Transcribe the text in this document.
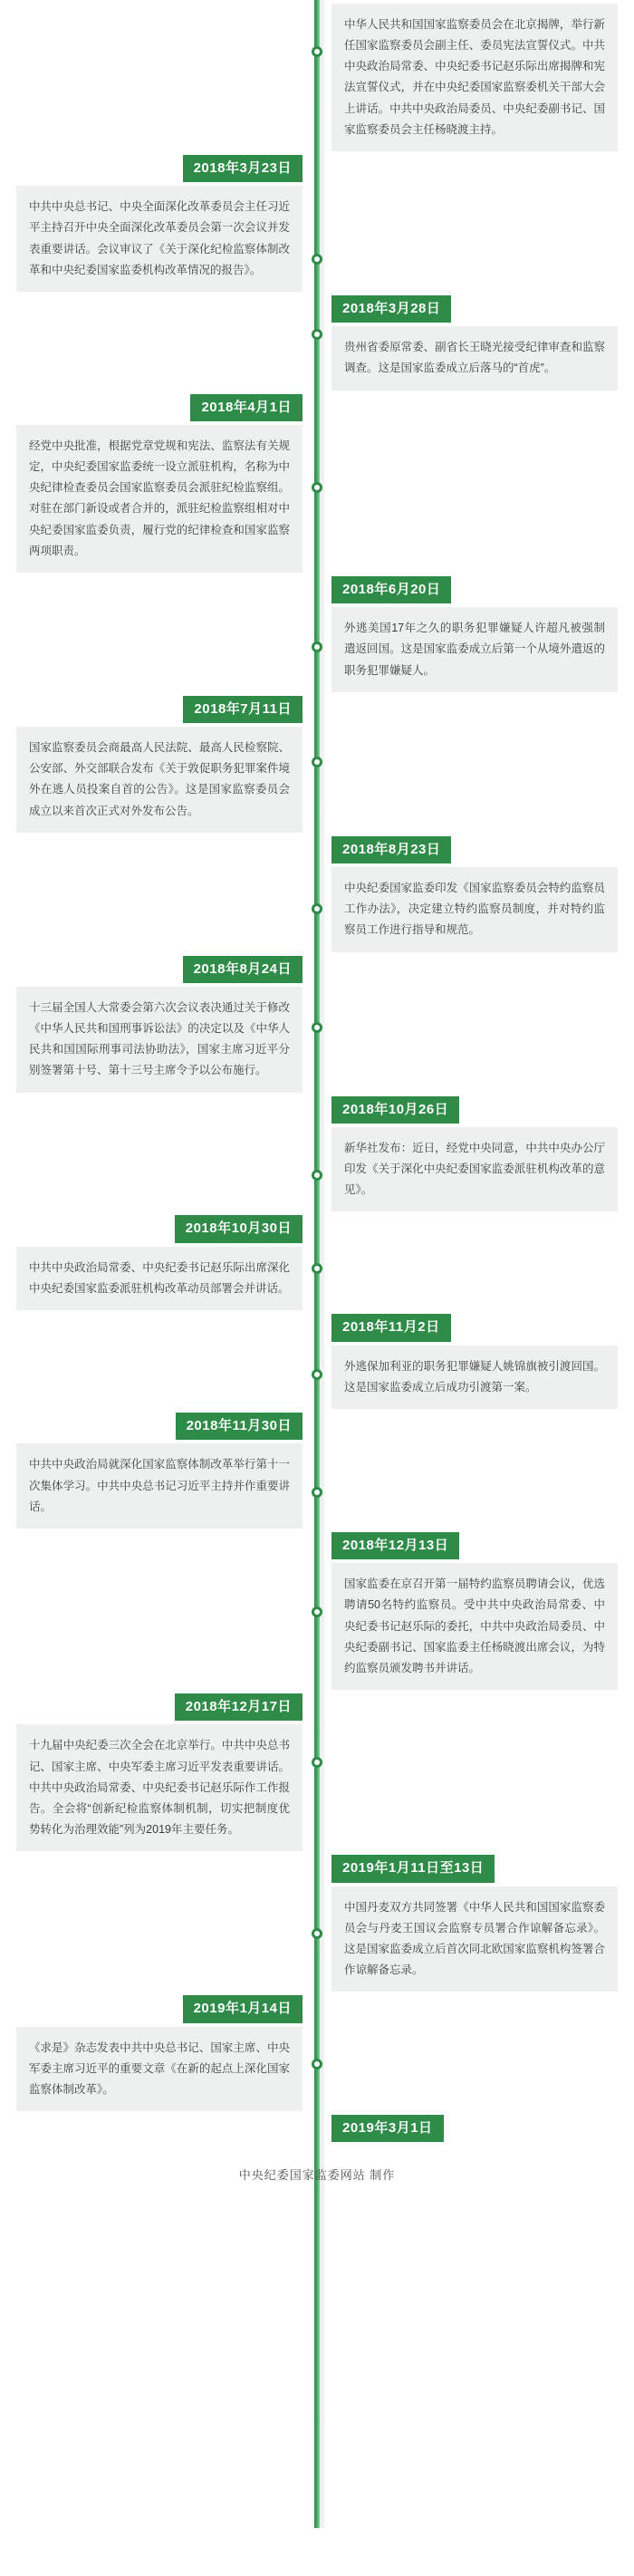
中华人民共和国国家监察委员会在北京揭牌，举行新任国家监察委员会副主任、委员宪法宣誓仪式。中共中央政治局常委、中央纪委书记赵乐际出席揭牌和宪法宣誓仪式，并在中央纪委国家监察委机关干部大会上讲话。中共中央政治局委员、中央纪委副书记、国家监察委员会主任杨晓渡主持。
2018年3月23日
中共中央总书记、中央全面深化改革委员会主任习近平主持召开中央全面深化改革委员会第一次会议并发表重要讲话。会议审议了《关于深化纪检监察体制改革和中央纪委国家监委机构改革情况的报告》。
2018年3月28日
贵州省委原常委、副省长王晓光接受纪律审查和监察调查。这是国家监委成立后落马的“首虎”。
2018年4月1日
经党中央批准，根据党章党规和宪法、监察法有关规定，中央纪委国家监委统一设立派驻机构，名称为中央纪律检查委员会国家监察委员会派驻纪检监察组。对驻在部门新设或者合并的，派驻纪检监察组相对中央纪委国家监委负责，履行党的纪律检查和国家监察两项职责。
2018年6月20日
外逃美国17年之久的职务犯罪嫌疑人许超凡被强制遣返回国。这是国家监委成立后第一个从境外遣返的职务犯罪嫌疑人。
2018年7月11日
国家监察委员会商最高人民法院、最高人民检察院、公安部、外交部联合发布《关于敦促职务犯罪案件境外在逃人员投案自首的公告》。这是国家监察委员会成立以来首次正式对外发布公告。
2018年8月23日
中央纪委国家监委印发《国家监察委员会特约监察员工作办法》，决定建立特约监察员制度，并对特约监察员工作进行指导和规范。
2018年8月24日
十三届全国人大常委会第六次会议表决通过关于修改《中华人民共和国刑事诉讼法》的决定以及《中华人民共和国国际刑事司法协助法》，国家主席习近平分别签署第十号、第十三号主席令予以公布施行。
2018年10月26日
新华社发布：近日，经党中央同意，中共中央办公厅印发《关于深化中央纪委国家监委派驻机构改革的意见》。
2018年10月30日
中共中央政治局常委、中央纪委书记赵乐际出席深化中央纪委国家监委派驻机构改革动员部署会并讲话。
2018年11月2日
外逃保加利亚的职务犯罪嫌疑人姚锦旗被引渡回国。这是国家监委成立后成功引渡第一案。
2018年11月30日
中共中央政治局就深化国家监察体制改革举行第十一次集体学习。中共中央总书记习近平主持并作重要讲话。
2018年12月13日
国家监委在京召开第一届特约监察员聘请会议，优选聘请50名特约监察员。受中共中央政治局常委、中央纪委书记赵乐际的委托，中共中央政治局委员、中央纪委副书记、国家监委主任杨晓渡出席会议，为特约监察员颁发聘书并讲话。
2018年12月17日
十九届中央纪委三次全会在北京举行。中共中央总书记、国家主席、中央军委主席习近平发表重要讲话。中共中央政治局常委、中央纪委书记赵乐际作工作报告。全会将“创新纪检监察体制机制，切实把制度优势转化为治理效能”列为2019年主要任务。
2019年1月11日至13日
中国丹麦双方共同签署《中华人民共和国国家监察委员会与丹麦王国议会监察专员署合作谅解备忘录》。这是国家监委成立后首次同北欧国家监察机构签署合作谅解备忘录。
2019年1月14日
《求是》杂志发表中共中央总书记、国家主席、中央军委主席习近平的重要文章《在新的起点上深化国家监察体制改革》。
2019年3月1日
中央纪委国家监委网站 制作
